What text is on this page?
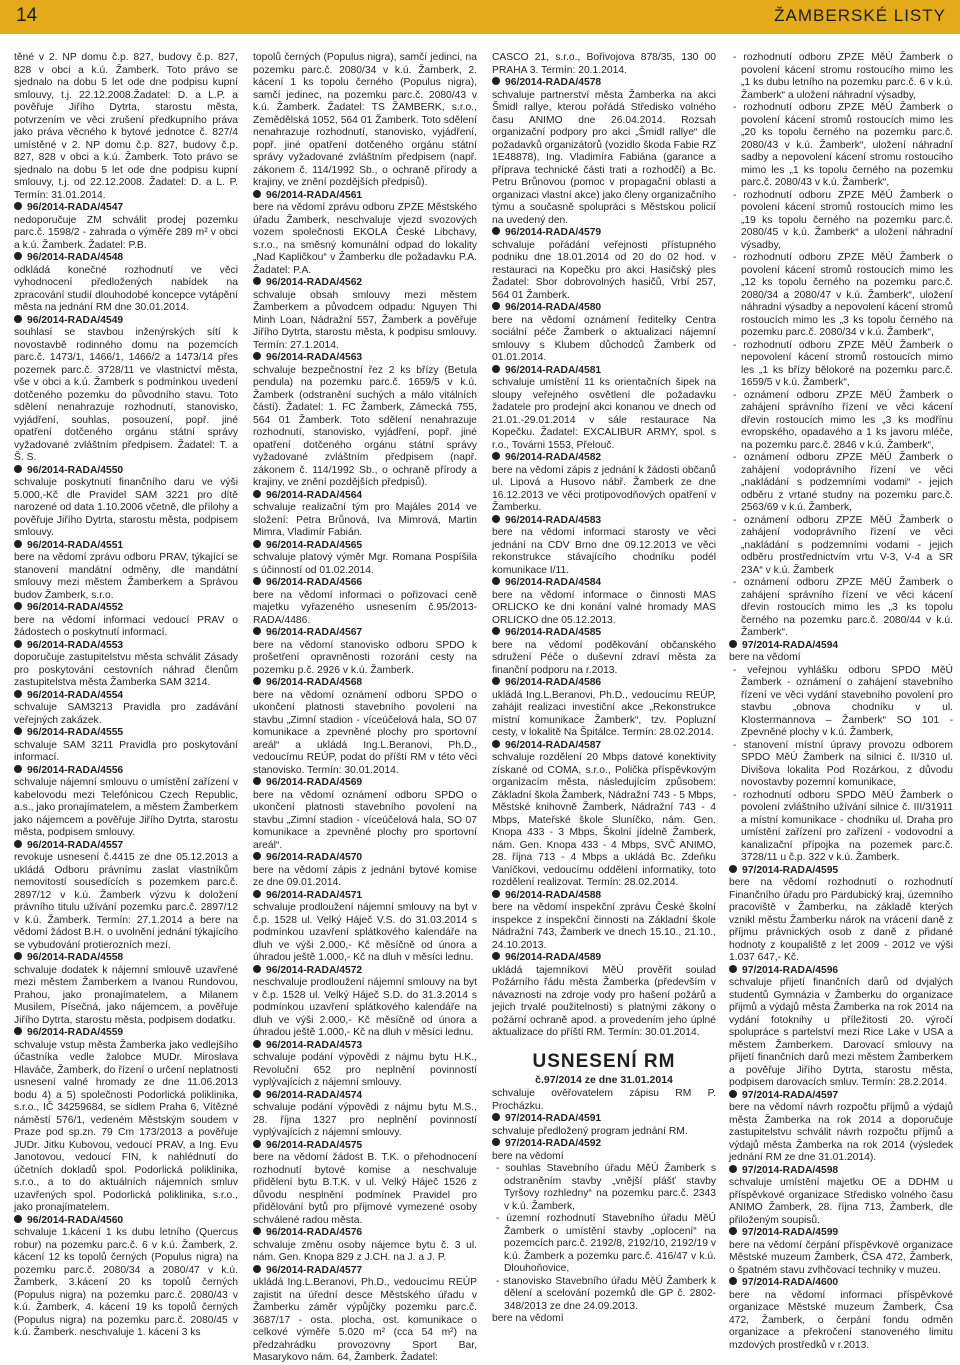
14	ŽAMBERSKÉ LISTY

těné v 2. NP domu č.p. 827, budovy č.p. 827, 828 v obci a k.ú. Žamberk. Toto právo se sjednalo na dobu 5 let ode dne podpisu kupní smlouvy, t.j. 22.12.2008.Žadatel: D. a L.P. a pověřuje Jiřího Dytrta, starostu města, potvrzením ve věci zrušení předkupního práva jako práva věcného k bytové jednotce č. 827/4 umístěné v 2. NP domu č.p. 827, budovy č.p. 827, 828 v obci a k.ú. Žamberk. Toto právo se sjednalo na dobu 5 let ode dne podpisu kupní smlouvy, t.j. od 22.12.2008. Žadatel: D. a L. P. Termín: 31.01.2014.

96/2014-RADA/4547

nedoporučuje ZM schválit prodej pozemku parc.č. 1598/2 - zahrada o výměře 289 m² v obci a k.ú. Žamberk. Žadatel: P.B.

96/2014-RADA/4548

odkládá konečné rozhodnutí ve věci vyhodnocení předložených nabídek na zpracování studií dlouhodobé koncepce vytápění města na jednání RM dne 30.01.2014.

96/2014-RADA/4549

souhlasí se stavbou inženýrských sítí k novostavbě rodinného domu na pozemcích parc.č. 1473/1, 1466/1, 1466/2 a 1473/14 přes pozemek parc.č. 3728/11 ve vlastnictví města, vše v obci a k.ú. Žamberk s podmínkou uvedení dotčeného pozemku do původního stavu. Toto sdělení nenahrazuje rozhodnutí, stanovisko, vyjádření, souhlas, posouzení, popř. jiné opatření dotčeného orgánu státní správy vyžadované zvláštním předpisem. Žadatel: T. a Š. S.

96/2014-RADA/4550

schvaluje poskytnutí finančního daru ve výši 5.000,-Kč dle Pravidel SAM 3221 pro dítě narozené od data 1.10.2006 včetně, dle přílohy a pověřuje Jiřího Dytrta, starostu města, podpisem smlouvy.

96/2014-RADA/4551

bere na vědomí zprávu odboru PRAV, týkající se stanovení mandátní odměny, dle mandátní smlouvy mezi městem Žamberkem a Správou budov Žamberk, s.r.o.

96/2014-RADA/4552

bere na vědomí informaci vedoucí PRAV o žádostech o poskytnutí informací.

96/2014-RADA/4553

doporučuje zastupitelstvu města schválit Zásady pro poskytování cestovních náhrad členům zastupitelstva města Žamberka SAM 3214.

96/2014-RADA/4554

schvaluje SAM3213 Pravidla pro zadávání veřejných zakázek.

96/2014-RADA/4555

schvaluje SAM 3211 Pravidla pro poskytování informací.

96/2014-RADA/4556

schvaluje nájemní smlouvu o umístění zařízení v kabelovodu mezi Telefónicou Czech Republic, a.s., jako pronajímatelem, a městem Žamberkem jako nájemcem a pověřuje Jiřího Dytrta, starostu města, podpisem smlouvy.

96/2014-RADA/4557

revokuje usnesení č.4415 ze dne 05.12.2013 a ukládá Odboru právnímu zaslat vlastníkům nemovitostí sousedících s pozemkem parc.č. 2897/12 v k.ú. Žamberk výzvu k doložení právního titulu užívání pozemku parc.č. 2897/12 v k.ú. Žamberk. Termín: 27.1.2014 a bere na vědomí žádost B.H. o uvolnění jednání týkajícího se vybudování protierozních mezí.

96/2014-RADA/4558

schvaluje dodatek k nájemní smlouvě uzavřené mezi městem Žamberkem a Ivanou Rundovou, Prahou, jako pronajímatelem, a Milanem Musilem, Písečná, jako nájemcem, a pověřuje Jiřího Dytrta, starostu města, podpisem dodatku.

96/2014-RADA/4559

schvaluje vstup města Žamberka jako vedlejšího účastníka vedle žalobce MUDr. Miroslava Hlaváče, Žamberk, do řízení o určení neplatnosti usnesení valné hromady ze dne 11.06.2013 bodu 4) a 5) společnosti Podorlická poliklinika, s.r.o., IČ 34259684, se sídlem Praha 6, Vítězné náměstí 576/1, vedeném Městským soudem v Praze pod sp.zn. 79 Cm 173/2013 a pověřuje JUDr. Jitku Kubovou, vedoucí PRAV, a Ing. Evu Janotovou, vedoucí FIN, k nahlédnutí do účetních dokladů spol. Podorlická poliklinika, s.r.o., a to do aktuálních nájemních smluv uzavřených spol. Podorlická poliklinika, s.r.o., jako pronajímatelem.

96/2014-RADA/4560

schvaluje 1.kácení 1 ks dubu letního (Quercus robur) na pozemku parc.č. 6 v k.ú. Žamberk, 2. kácení 12 ks topolů černých (Populus nigra) na pozemku parc.č. 2080/34 a 2080/47 v k.ú. Žamberk, 3.kácení 20 ks topolů černých (Populus nigra) na pozemku parc.č. 2080/43 v k.ú. Žamberk, 4. kácení 19 ks topolů černých (Populus nigra) na pozemku parc.č. 2080/45 v k.ú. Žamberk. neschvaluje 1. kácení 3 ks

topolů černých (Populus nigra), samčí jedinci, na pozemku parc.č. 2080/34 v k.ú. Žamberk, 2. kácení 1 ks topolu černého (Populus nigra), samčí jedinec, na pozemku parc.č. 2080/43 v k.ú. Žamberk. Žadatel: TS ŽAMBERK, s.r.o., Zemědělská 1052, 564 01 Žamberk. Toto sdělení nenahrazuje rozhodnutí, stanovisko, vyjádření, popř. jiné opatření dotčeného orgánu státní správy vyžadované zvláštním předpisem (např. zákonem č. 114/1992 Sb., o ochraně přírody a krajiny, ve znění pozdějších předpisů).

96/2014-RADA/4561

bere na vědomí zprávu odboru ZPZE Městského úřadu Žamberk, neschvaluje vjezd svozových vozem společnosti EKOLA České Libchavy, s.r.o., na směsný komunální odpad do lokality „Nad Kapličkou“ v Žamberku dle požadavku P.A. Žadatel: P.A.

96/2014-RADA/4562

schvaluje obsah smlouvy mezi městem Žamberkem a původcem odpadu: Nguyen Thi Minh Loan, Nádražní 557, Žamberk a pověřuje Jiřího Dytrta, starostu města, k podpisu smlouvy. Termín: 27.1.2014.

96/2014-RADA/4563

schvaluje bezpečnostní řez 2 ks břízy (Betula pendula) na pozemku parc.č. 1659/5 v k.ú. Žamberk (odstranění suchých a málo vitálních částí). Žadatel: 1. FC Žamberk, Zámecká 755, 564 01 Žamberk. Toto sdělení nenahrazuje rozhodnutí, stanovisko, vyjádření, popř. jiné opatření dotčeného orgánu státní správy vyžadované zvláštním předpisem (např. zákonem č. 114/1992 Sb., o ochraně přírody a krajiny, ve znění pozdějších předpisů).

96/2014-RADA/4564

schvaluje realizační tým pro Majáles 2014 ve složení: Petra Brůnová, Iva Mimrová, Martin Mimra, Vladimír Fabián.

96/2014-RADA/4565

schvaluje platový výměr Mgr. Romana Pospíšila s účinností od 01.02.2014.

96/2014-RADA/4566

bere na vědomí informaci o pořizovací ceně majetku vyřazeného usnesením č.95/2013-RADA/4486.

96/2014-RADA/4567

bere na vědomí stanovisko odboru SPDO k prošetření opravněnosti rozorání cesty na pozemku p.č. 2926 v k.ú. Žamberk.

96/2014-RADA/4568

bere na vědomí oznámení odboru SPDO o ukončení platnosti stavebního povolení na stavbu „Zimní stadion - víceúčelová hala, SO 07 komunikace a zpevněné plochy pro sportovní areál“ a ukládá Ing.L.Beranovi, Ph.D., vedoucímu REÚP, podat do příští RM v této věci stanovisko. Termín: 30.01.2014.

96/2014-RADA/4569

bere na vědomí oznámení odboru SPDO o ukončení platnosti stavebního povolení na stavbu „Zimní stadion - víceúčelová hala, SO 07 komunikace a zpevněné plochy pro sportovní areál“.

96/2014-RADA/4570

bere na vědomí zápis z jednání bytové komise ze dne 09.01.2014.

96/2014-RADA/4571

schvaluje prodloužení nájemní smlouvy na byt v č.p. 1528 ul. Velký Háječ V.S. do 31.03.2014 s podmínkou uzavření splátkového kalendáře na dluh ve výši 2.000,- Kč měsíčně od února a úhradou ještě 1.000,- Kč na dluh v měsíci lednu.

96/2014-RADA/4572

neschvaluje prodloužení nájemní smlouvy na byt v č.p. 1528 ul. Velký Háječ S.D. do 31.3.2014 s podmínkou uzavření splátkového kalendáře na dluh ve výši 2.000,- Kč měsíčně od února a úhradou ještě 1.000,- Kč na dluh v měsíci lednu.

96/2014-RADA/4573

schvaluje podání výpovědi z nájmu bytu H.K., Revoluční 652 pro neplnění povinností vyplývajících z nájemní smlouvy.

96/2014-RADA/4574

schvaluje podání výpovědi z nájmu bytu M.S., 28. října 1327 pro neplnění povinností vyplývajících z nájemní smlouvy.

96/2014-RADA/4575

bere na vědomí žádost B. T.K. o přehodnocení rozhodnutí bytové komise a neschvaluje přidělení bytu B.T.K. v ul. Velký Háječ 1526 z důvodu nesplnění podmínek Pravidel pro přidělování bytů pro přijmové vymezené osoby schválené radou města.

96/2014-RADA/4576

schvaluje změnu osoby nájemce bytu č. 3 ul. nám. Gen. Knopa 829 z J.CH. na J. a J. P.

96/2014-RADA/4577

ukládá Ing.L.Beranovi, Ph.D., vedoucímu REÚP zajistit na úřední desce Městského úřadu v Žamberku záměr výpůjčky pozemku parc.č. 3687/17 - osta. plocha, ost. komunikace o celkové výměře 5.020 m² (cca 54 m²) na předzahrádku provozovny Sport Bar, Masarykovo nám. 64, Žamberk. Žadatel:

CASCO 21, s.r.o., Bořivojova 878/35, 130 00 PRAHA 3. Termín: 20.1.2014.

96/2014-RADA/4578

schvaluje partnerství města Žamberka na akci Šmidl rallye, kterou pořádá Středisko volného času ANIMO dne 26.04.2014. Rozsah organizační podpory pro akci „Šmidl rallye“ dle požadavků organizátorů (vozidlo škoda Fabie RZ 1E48878), Ing. Vladimíra Fabiána (garance a příprava technické části trati a rozhodčí) a Bc. Petru Brůnovou (pomoc v propagační oblasti a organizaci vlastní akce) jako členy organizačního týmu a současně spolupráci s Městskou policií na uvedený den.

96/2014-RADA/4579

schvaluje pořádání veřejnosti přístupného podniku dne 18.01.2014 od 20 do 02 hod. v restauraci na Kopečku pro akci Hasičský ples Žadatel: Sbor dobrovolných hasičů, Vrbí 257, 564 01 Žamberk.

96/2014-RADA/4580

bere na vědomí oznámení ředitelky Centra sociální péče Žamberk o aktualizaci nájemní smlouvy s Klubem důchodců Žamberk od 01.01.2014.

96/2014-RADA/4581

schvaluje umístění 11 ks orientačních šipek na sloupy veřejného osvětlení dle požadavku žadatele pro prodejní akci konanou ve dnech od 21.01.-29.01.2014 v sále restaurace Na Kopečku. Žadatel: EXCALIBUR ARMY, spol. s r.o., Továrni 1553, Přelouč.

96/2014-RADA/4582

bere na vědomí zápis z jednání k žádosti občanů ul. Lipová a Husovo nábř. Žamberk ze dne 16.12.2013 ve věci protipovodňových opatření v Žamberku.

96/2014-RADA/4583

bere na vědomí informaci starosty ve věci jednání na CDV Brno dne 09.12.2013 ve věci rekonstrukce stávajícího chodníku podél komunikace I/11.

96/2014-RADA/4584

bere na vědomí informace o činnosti MAS ORLICKO ke dni konání valné hromady MAS ORLICKO dne 05.12.2013.

96/2014-RADA/4585

bere na vědomí poděkování občanského sdružení Péče o duševní zdraví města za finanční podporu na r.2013.

96/2014-RADA/4586

ukládá Ing.L.Beranovi, Ph.D., vedoucímu REÚP, zahájit realizaci investiční akce „Rekonstrukce místní komunikace Žamberk“, tzv. Popluzní cesty, v lokalitě Na Špitálce. Termín: 28.02.2014.

96/2014-RADA/4587

schvaluje rozdělení 20 Mbps datové konektivity získané od COMA, s.r.o., Polička příspěvkovým organizacím města, následujícím způsobem: Základní škola Žamberk, Nádražní 743 - 5 Mbps, Městské knihovně Žamberk, Nádražní 743 - 4 Mbps, Mateřské škole Sluníčko, nám. Gen. Knopa 433 - 3 Mbps, Školní jídelně Žamberk, nám. Gen. Knopa 433 - 4 Mbps, SVČ ANIMO, 28. října 713 - 4 Mbps a ukládá Bc. Zdeňku Vaníčkovi, vedoucímu oddělení informatiky, toto rozdělení realizovat. Termín: 28.02.2014.

96/2014-RADA/4588

bere na vědomí inspekční zprávu České školní inspekce z inspekční činnosti na Základní škole Nádražní 743, Žamberk ve dnech 15.10., 21.10., 24.10.2013.

96/2014-RADA/4589

ukládá tajemníkovi MěÚ prověřit soulad Požárního řádu města Žamberka (především v návaznosti na zdroje vody pro hašení požárů a jejich trvalé použitelnosti) s platnými zákony o požární ochraně apod. a provedením jeho úplné aktualizace do příští RM. Termín: 30.01.2014.

USNESENÍ RM

č.97/2014 ze dne 31.01.2014

schvaluje ověřovatelem zápisu RM P. Procházku.

97/2014-RADA/4591

schvaluje předložený program jednání RM.

97/2014-RADA/4592

bere na vědomí

- souhlas Stavebního úřadu MěÚ Žamberk s odstraněním stavby „vnější plášť stavby Tyršovy rozhledny“ na pozemku parc.č. 2343 v k.ú. Žamberk,

- územní rozhodnutí Stavebního úřadu MěÚ Žamberk o umístění stavby „oplocení“ na pozemcích parc.č. 2192/8, 2192/10, 2192/19 v k.ú. Žamberk a pozemku parc.č. 416/47 v k.ú. Dlouhoňovice,

- stanovisko Stavebního úřadu MěÚ Žamberk k dělení a scelování pozemků dle GP č. 2802-348/2013 ze dne 24.09.2013.

bere na vědomí

- rozhodnutí odboru ZPZE MěÚ Žamberk o povolení kácení stromu rostoucího mimo les „1 ks dubu letního na pozemku parc.č. 6 v k.ú. Žamberk“ a uložení náhradní výsadby,

- rozhodnutí odboru ZPZE MěÚ Žamberk o povolení kácení stromů rostoucích mimo les „20 ks topolu černého na pozemku parc.č. 2080/43 v k.ú. Žamberk“, uložení náhradní sadby a nepovolení kácení stromu rostoucího mimo les „1 ks topolu černého na pozemku parc.č. 2080/43 v k.ú. Žamberk“,

- rozhodnutí odboru ZPZE MěÚ Žamberk o povolení kácení stromů rostoucích mimo les „19 ks topolu černého na pozemku parc.č. 2080/45 v k.ú. Žamberk“ a uložení náhradní výsadby,

- rozhodnutí odboru ZPZE MěÚ Žamberk o povolení kácení stromů rostoucích mimo les „12 ks topolu černého na pozemku parc.č. 2080/34 a 2080/47 v k.ú. Žamberk“, uložení náhradní výsadby a nepovolení kácení stromů rostoucích mimo les „3 ks topolu černého na pozemku parc.č. 2080/34 v k.ú. Žamberk“,

- rozhodnutí odboru ZPZE MěÚ Žamberk o nepovolení kácení stromů rostoucích mimo les „1 ks břízy bělokoré na pozemku parc.č. 1659/5 v k.ú. Žamberk“,

- oznámení odboru ZPZE MěÚ Žamberk o zahájení správního řízení ve věci kácení dřevin rostoucích mimo les „3 ks modřínu evropského, opadavého a 1 ks javoru mléče, na pozemku parc.č. 2846 v k.ú. Žamberk“,

- oznámení odboru ZPZE MěÚ Žamberk o zahájení vodoprávního řízení ve věci „nakládání s podzemními vodami“ - jejich odběru z vrtané studny na pozemku parc.č. 2563/69 v k.ú. Žamberk,

- oznámení odboru ZPZE MěÚ Žamberk o zahájení vodoprávního řízení ve věci „nakládání s podzemními vodami - jejich odběru prostřednictvím vrtu V-3, V-4 a SR 23A“ v k.ú. Žamberk

- oznámení odboru ZPZE MěÚ Žamberk o zahájení správního řízení ve věci kácení dřevin rostoucích mimo les „3 ks topolu černého na pozemku parc.č. 2080/44 v k.ú. Žamberk“.

97/2014-RADA/4594

bere na vědomí

- veřejnou vyhlášku odboru SPDO MěÚ Žamberk - oznámení o zahájení stavebního řízení ve věci vydání stavebního povolení pro stavbu „obnova chodníku v ul. Klostermannova – Žamberk“ SO 101 - Zpevněné plochy v k.ú. Žamberk,

- stanovení místní úpravy provozu odborem SPDO MěÚ Žamberk na silnici č. II/310 ul. Divišova lokalita Pod Rozárkou, z důvodu novostavby pozemní komunikace,

- rozhodnutí odboru SPDO MěÚ Žamberk o povolení zvláštního užívání silnice č. III/31911 a místní komunikace - chodníku ul. Draha pro umístění zařízení pro zařízení - vodovodní a kanalizační přípojka na pozemek parc.č. 3728/11 u č.p. 322 v k.ú. Žamberk.

97/2014-RADA/4595

bere na vědomí rozhodnutí o rozhodnutí Finančního úřadu pro Pardubický kraj, územního pracoviště v Žamberku, na základě kterých vznikl městu Žamberku nárok na vrácení daně z příjmu právnických osob z daně z přidané hodnoty z koupaliště z let 2009 - 2012 ve výši 1.037 647,- Kč.

97/2014-RADA/4596

schvaluje přijetí finančních darů od dvjalých studentů Gymnázia v Žamberku do organizace přijmů a výdajů města Žamberka na rok 2014 na vydání fotoknihy u příležitosti 20. výročí spolupráce s partelství mezi Rice Lake v USA a městem Žamberkem. Darovací smlouvy na přijetí finančních darů mezi městem Žamberkem a pověřuje Jiřího Dytrta, starostu města, podpisem darovacích smluv. Termín: 28.2.2014.

97/2014-RADA/4597

bere na vědomí návrh rozpočtu příjmů a výdajů města Žamberka na rok 2014 a doporučuje zastupitelstvu schválit návrh rozpočtu příjmů a výdajů města Žamberka na rok 2014 (výsledek jednání RM ze dne 31.01.2014).

97/2014-RADA/4598

schvaluje umístění majetku OE a DDHM u příspěvkové organizace Středisko volného času ANIMO Žamberk, 28. října 713, Žamberk, dle přiloženým soupisů.

97/2014-RADA/4599

bere na vědomí čerpání příspěvkové organizace Městské muzeum Žamberk, ČSA 472, Žamberk, o špatném stavu zvlhčovací techniky v muzeu.

97/2014-RADA/4600

bere na vědomí informaci příspěvkové organizace Městské muzeum Žamberk, Čsa 472, Žamberk, o čerpání fondu odměn organizace a překročení stanoveného limitu mzdových prostředků v r.2013.
